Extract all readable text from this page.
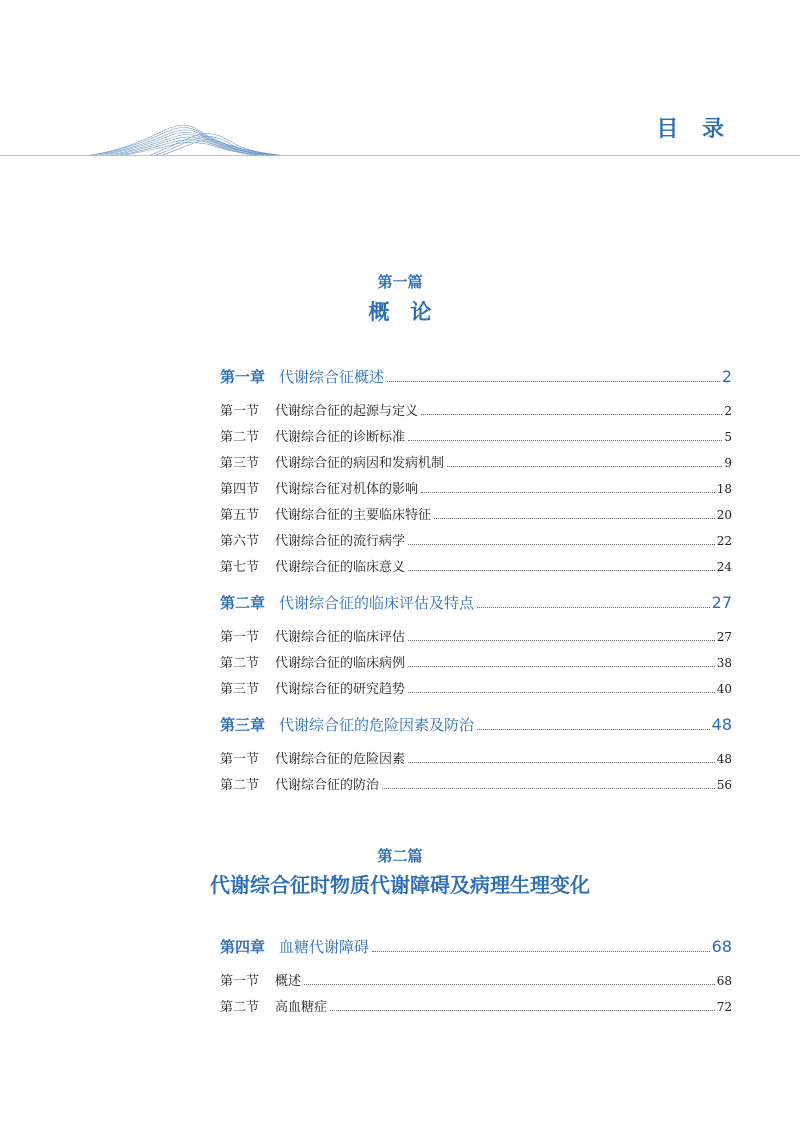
目 录
第一篇
概　论
第一章 代谢综合征概述	2
第一节 代谢综合征的起源与定义	2
第二节 代谢综合征的诊断标准	5
第三节 代谢综合征的病因和发病机制	9
第四节 代谢综合征对机体的影响	18
第五节 代谢综合征的主要临床特征	20
第六节 代谢综合征的流行病学	22
第七节 代谢综合征的临床意义	24
第二章 代谢综合征的临床评估及特点	27
第一节 代谢综合征的临床评估	27
第二节 代谢综合征的临床病例	38
第三节 代谢综合征的研究趋势	40
第三章 代谢综合征的危险因素及防治	48
第一节 代谢综合征的危险因素	48
第二节 代谢综合征的防治	56
第二篇
代谢综合征时物质代谢障碍及病理生理变化
第四章 血糖代谢障碍	68
第一节 概述	68
第二节 高血糖症	72
